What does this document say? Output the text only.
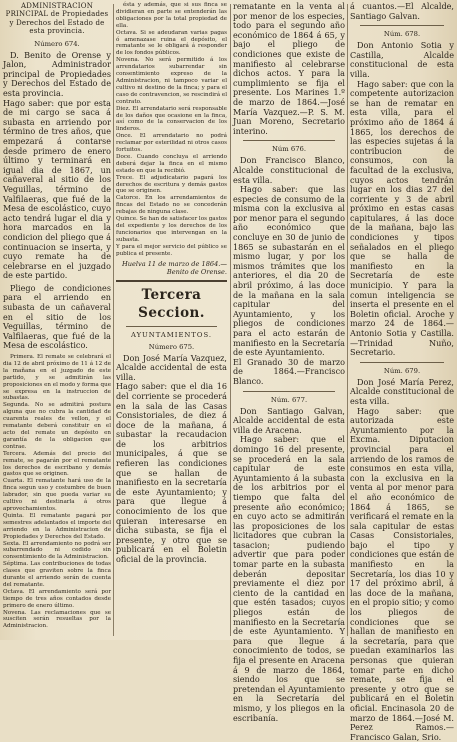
ADMINISTRACION PRINCIPAL de Propiedades y Derechos del Estado de esta provincia.

Número 674.

D. Benito de Orense y Jalon, Administrador principal de Propiedades y Derechos del Estado de esta provincia.
Hago saber: que por esta de mi cargo se saca á subasta en arriendo por término de tres años, que empezará á contarse desde primero de enero último y terminará en igual dia de 1867, un cañaveral al sitio de los Veguillas, término de Valfilaeras, que fué de la Mesa de escolástico, cuyo acto tendrá lugar el dia y hora marcados en la condicion del pliego que á continuacion se inserta, y cuyo remate ha de celebrarse en el juzgado de este partido.

Pliego de condiciones para el arriendo en subasta de un cañaveral en el sitio de los Veguillas, término de Valfilaeras, que fué de la Mesa de escolástico.

Primera. El remate se celebrará el dia 12 de abril próximo de 11 á 12 de la mañana en el juzgado de este partido, y se admitirán las proposiciones en el modo y forma que se expresa en la instruccion de subastas.
Segunda. No se admitirá postura alguna que no cubra la cantidad de cuarenta reales de vellon, y el rematante deberá constituir en el acto del remate un depósito en garantía de la obligacion que contrae.
Tercera. Además del precio del remate, se pagarán por el rematante los derechos de escribano y demás gastos que se originen.
Cuarta. El rematante hará uso de la finca segun uso y costumbre de buen labrador, sin que pueda variar su cultivo ni destinarla á otros aprovechamientos.
Quinta. El rematante pagará por semestres adelantados el importe del arriendo en la Administracion de Propiedades y Derechos del Estado.
Sexta. El arrendamiento no podrá ser subarrendado ni cedido sin consentimiento de la Administracion.
Séptima. Las contribuciones de todas clases que graviten sobre la finca durante el arriendo serán de cuenta del rematante.
Octava. El arrendamiento será por tiempo de tres años contados desde primero de enero último.
Novena. Las reclamaciones que se susciten serán resueltas por la Administracion.

ésta y además, que si sus finca se dividieran en parte se entenderán las obligaciones por la total propiedad de ella.
Octava. Si se adeudaran varias pagas ó amenazase ruina el depósito, el rematante se le obligará á responder de los fondos públicos.
Novena. No será permitido á los arrendatarios subarrendar sin consentimiento expreso de la Administracion, ni tampoco variar el cultivo ni destino de la finca; y para el caso de contravencion, se rescindirá el contrato.
Diez. El arrendatario será responsable de los daños que ocasione en la finca, así como de la conservacion de los linderos.
Once. El arrendatario no podrá reclamar por esterilidad ni otros casos fortuitos.
Doce. Cuando concluya el arriendo deberá dejar la finca en el mismo estado en que la recibió.
Trece. El adjudicatario pagará los derechos de escritura y demás gastos que se originen.
Catorce. En los arrendamientos de fincas del Estado no se concederán rebajas de ninguna clase.
Quince. Se han de satisfacer los gastos del expediente y los derechos de los funcionarios que intervengan en la subasta.
Y para el mejor servicio del público se publica el presente.

Huelva 11 de marzo de 1864.—Benito de Orense.

Tercera Seccion.
AYUNTAMIENTOS.
Número 675.

Don José María Vazquez, Alcalde accidental de esta villa.
Hago saber: que el dia 16 del corriente se procederá en la sala de las Casas Consistoriales, de diez á doce de la mañana, á subastar la recaudacion de los arbitrios municipales, á que se refieren las condiciones que se hallan de manifiesto en la secretaría de este Ayuntamiento; y para que llegue á conocimiento de los que quieran interesarse en dicha subasta, se fija el presente, y otro que se publicará en el Boletin oficial de la provincia.

rematante en la venta al por menor de los especies, todo para el segundo año económico de 1864 á 65, y bajo el pliego de condiciones que existe de manifiesto al celebrarse dichos actos. Y para la cumplimiento se fija el presente. Los Marines 1.º de marzo de 1864.—José María Vazquez.—P. S. M. Juan Moreno, Secretario interino.

Núm 676.

Don Francisco Blanco, Alcalde constitucional de esta villa.

Hago saber: que las especies de consumo de la misma con la exclusiva al por menor para el segundo año económico que concluye en 30 de junio de 1865 se subastarán en el mismo lugar, y por los mismos trámites que los anteriores, el dia 20 de abril próximo, á las doce de la mañana en la sala capitular del Ayuntamiento, y los pliegos de condiciones para el acto estarán de manifiesto en la Secretaría de este Ayuntamiento.
El Granado 30 de marzo de 1864.—Francisco Blanco.

Núm. 677.

Don Santiago Galvan, Alcalde accidental de esta villa de Aracena.

Hago saber: que el domingo 16 del presente, se procederá en la sala capitular de este Ayuntamiento á la subasta de los arbitrios por el tiempo que falta del presente año económico; en cuyo acto se admitirán las proposiciones de los licitadores que cubran la tasacion; pudiendo advertir que para poder tomar parte en la subasta deberán depositar previamente el diez por ciento de la cantidad en que estén tasados; cuyos pliegos están de manifiesto en la Secretaría de este Ayuntamiento. Y para que llegue á conocimiento de todos, se fija el presente en Aracena á 9 de marzo de 1864, siendo los que se pretendan el Ayuntamiento en la Secretaría del mismo, y los pliegos en la escribanía.

á cuantos.—El Alcalde, Santiago Galvan.

Núm. 678.

Don Antonio Sotia y Castilla, Alcalde constitucional de esta villa.

Hago saber: que con la competente autorizacion se han de rematar en esta villa, para el próximo año de 1864 á 1865, los derechos de las especies sujetas á la contribucion de consumos, con la facultad de la exclusiva, cuyos actos tendrán lugar en los dias 27 del corriente y 3 de abril próximo en estas casas capitulares, á las doce de la mañana, bajo las condiciones y tipos señalados en el pliego que se halla de manifiesto en la Secretaría de este municipio. Y para la comun inteligencia se inserta el presente en el Boletin oficial. Aroche y marzo 24 de 1864.—Antonio Sotia y Castilla.—Trinidad Nuño, Secretario.

Núm. 679.

Don José María Perez, Alcalde constitucional de esta villa.

Hago saber: que autorizada este Ayuntamiento por la Excma. Diputacion provincial para el arriendo de los ramos de consumos en esta villa, con la exclusiva en la venta al por menor para el año económico de 1864 á 1865, se verificará el remate en la sala capitular de estas Casas Consistoriales, bajo el tipo y condiciones que están de manifiesto en la Secretaría, los dias 10 y 17 del próximo abril, á las doce de la mañana, en el propio sitio; y como los pliegos de condiciones que se hallan de manifiesto en la secretaría, para que puedan examinarlos las personas que quieran tomar parte en dicho remate, se fija el presente y otro que se publicará en el Boletin oficial. Encinasola 20 de marzo de 1864.—José M. Perez Ramos.—Francisco Galan, Srio.
